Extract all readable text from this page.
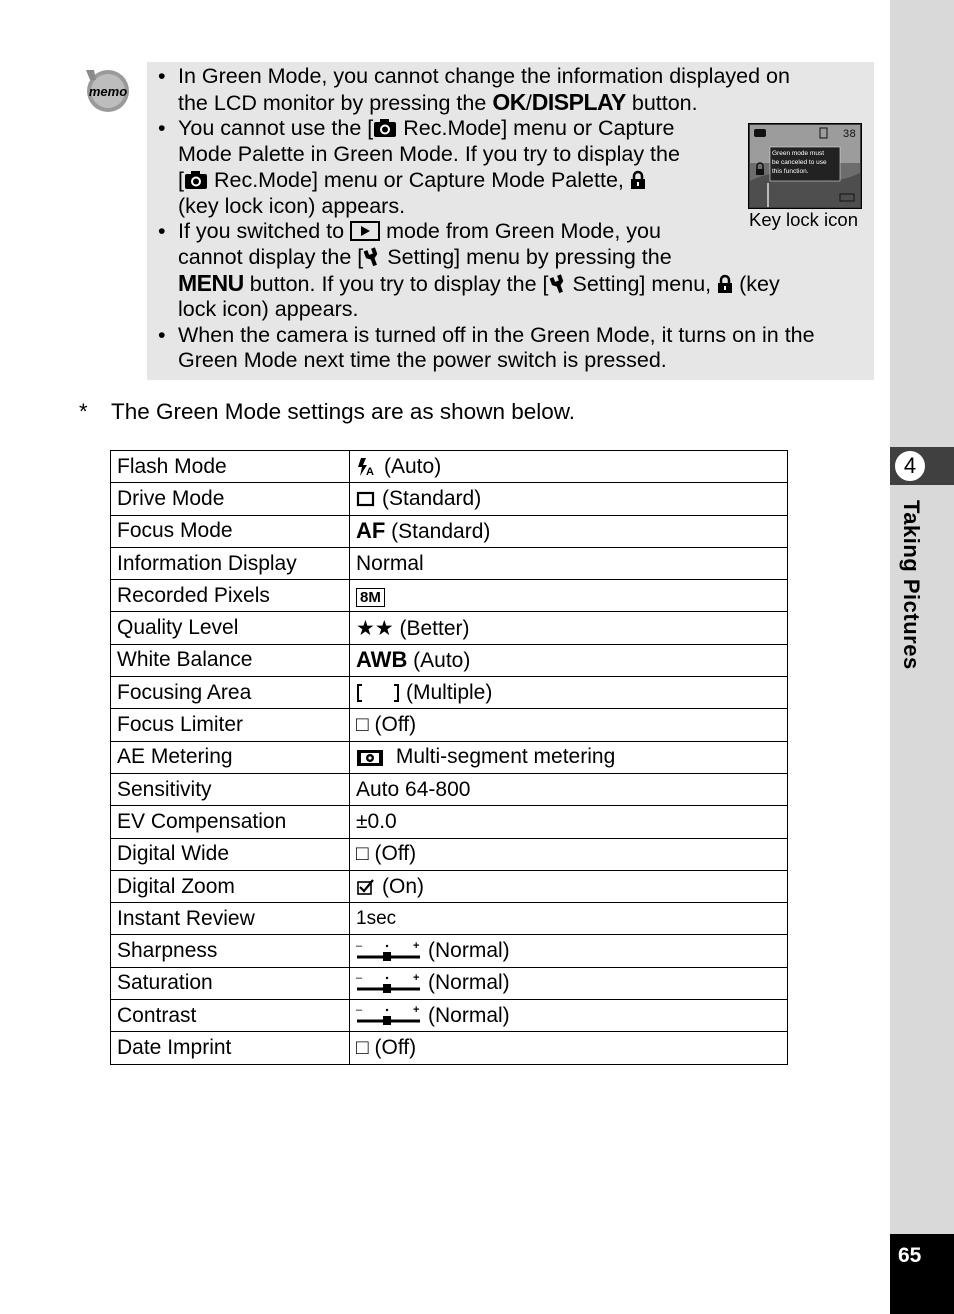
4
Taking Pictures
65
memo
• In Green Mode, you cannot change the information displayed on
the LCD monitor by pressing the OK/DISPLAY button.
• You cannot use the [ Rec.Mode] menu or Capture
Mode Palette in Green Mode. If you try to display the
[ Rec.Mode] menu or Capture Mode Palette,
(key lock icon) appears.
• If you switched to mode from Green Mode, you
cannot display the [ Setting] menu by pressing the
MENU button. If you try to display the [ Setting] menu, (key
lock icon) appears.
• When the camera is turned off in the Green Mode, it turns on in the
Green Mode next time the power switch is pressed.
38
Green mode must
be canceled to use
this function.
Key lock icon
* The Green Mode settings are as shown below.
Flash Mode	A (Auto)
Drive Mode	(Standard)
Focus Mode	AF (Standard)
Information Display	Normal
Recorded Pixels	8M
Quality Level	★★ (Better)
White Balance	AWB (Auto)
Focusing Area	(Multiple)
Focus Limiter	□ (Off)
AE Metering	Multi-segment metering
Sensitivity	Auto 64-800
EV Compensation	±0.0
Digital Wide	□ (Off)
Digital Zoom	(On)
Instant Review	1sec
Sharpness	– + (Normal)
Saturation	– + (Normal)
Contrast	– + (Normal)
Date Imprint	□ (Off)
